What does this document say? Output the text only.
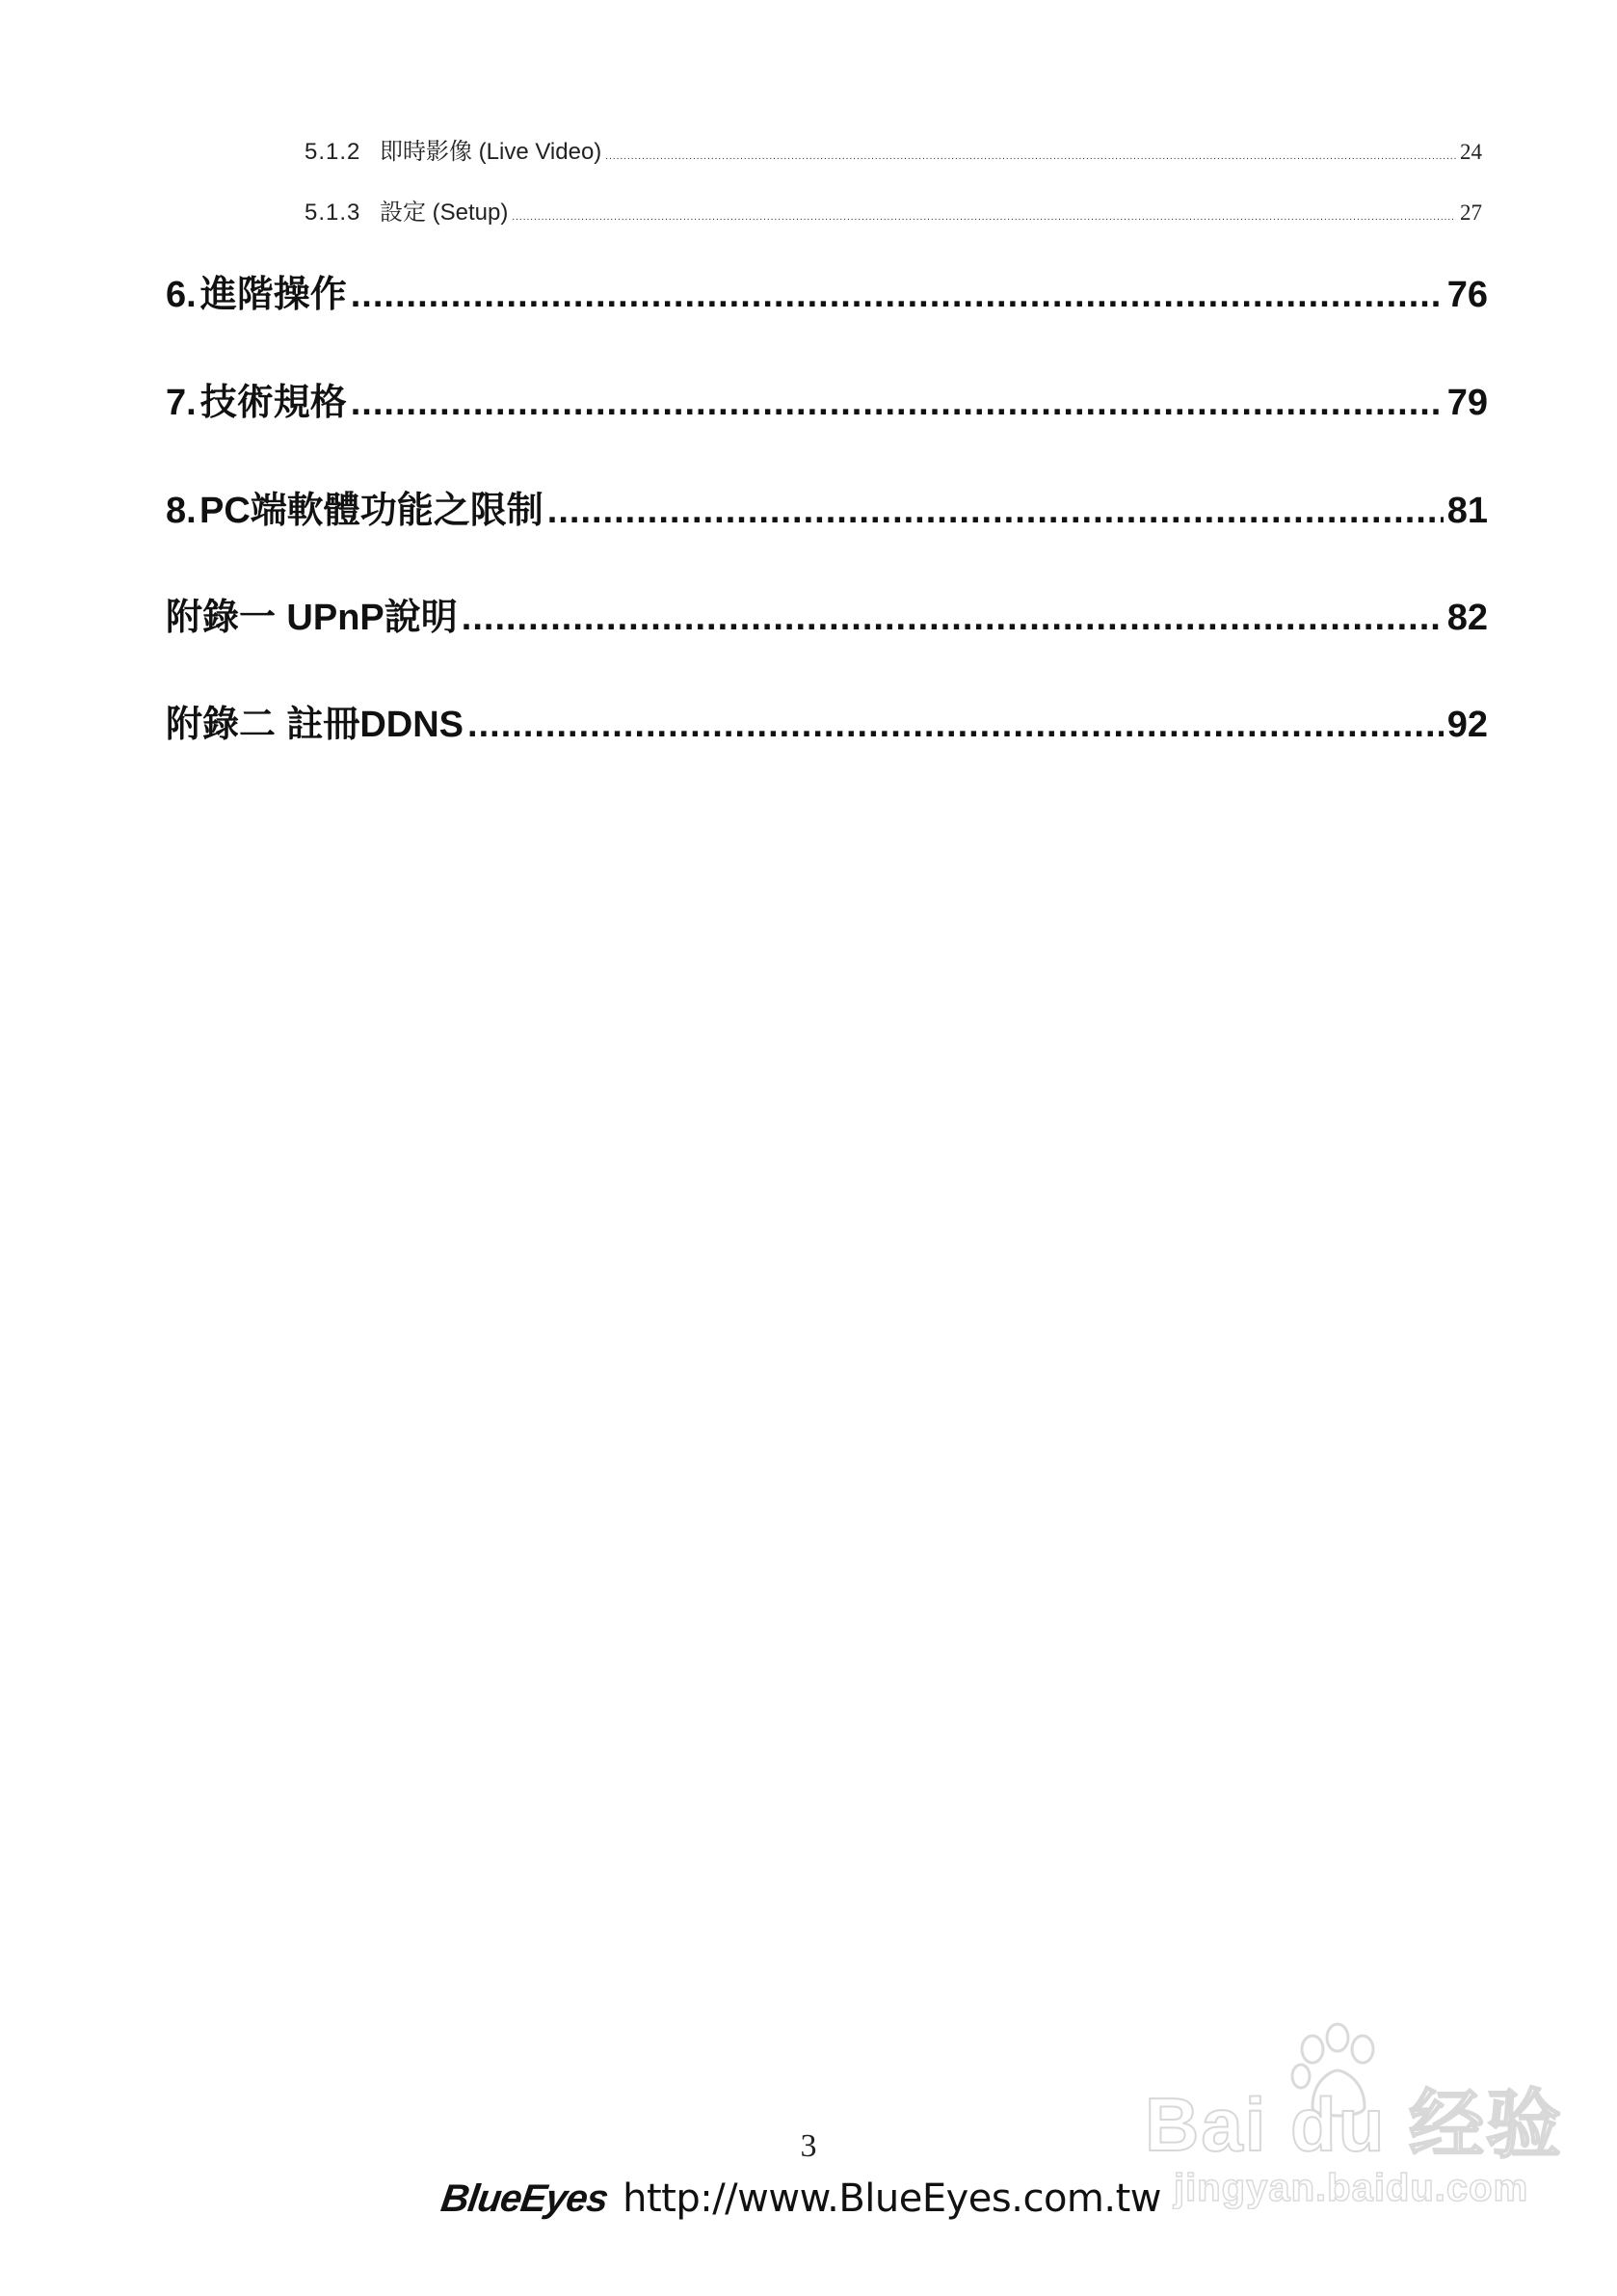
5.1.2 即時影像 (Live Video) .....	24
5.1.3 設定 (Setup) .....	27
6. 進階操作 .....	76
7. 技術規格 .....	79
8. PC端軟體功能之限制 .....	81
附錄一 UPnP說明 .....	82
附錄二 註冊DDNS .....	92
3
BlueEyes http://www.BlueEyes.com.tw
Bai du 经验
jingyan.baidu.com
